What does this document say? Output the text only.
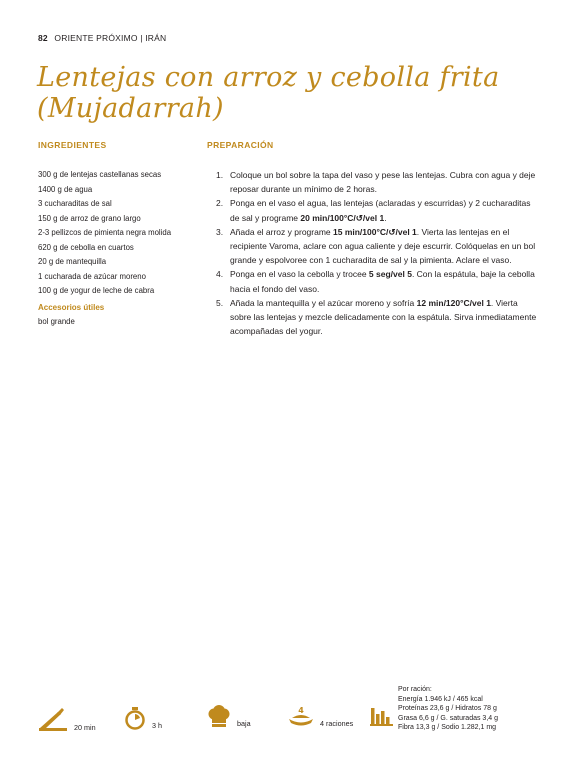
82 ORIENTE PRÓXIMO | IRÁN
Lentejas con arroz y cebolla frita
(Mujadarrah)
INGREDIENTES
300 g de lentejas castellanas secas
1400 g de agua
3 cucharaditas de sal
150 g de arroz de grano largo
2-3 pellizcos de pimienta negra molida
620 g de cebolla en cuartos
20 g de mantequilla
1 cucharada de azúcar moreno
100 g de yogur de leche de cabra
Accesorios útiles
bol grande
PREPARACIÓN
1. Coloque un bol sobre la tapa del vaso y pese las lentejas. Cubra con agua y deje reposar durante un mínimo de 2 horas.
2. Ponga en el vaso el agua, las lentejas (aclaradas y escurridas) y 2 cucharaditas de sal y programe 20 min/100°C/↺/vel 1.
3. Añada el arroz y programe 15 min/100°C/↺/vel 1. Vierta las lentejas en el recipiente Varoma, aclare con agua caliente y deje escurrir. Colóquelas en un bol grande y espolvoree con 1 cucharadita de sal y la pimienta. Aclare el vaso.
4. Ponga en el vaso la cebolla y trocee 5 seg/vel 5. Con la espátula, baje la cebolla hacia el fondo del vaso.
5. Añada la mantequilla y el azúcar moreno y sofría 12 min/120°C/vel 1. Vierta sobre las lentejas y mezcle delicadamente con la espátula. Sirva inmediatamente acompañadas del yogur.
20 min	3 h	baja
4
4 raciones
Por ración:
Energía 1.946 kJ / 465 kcal
Proteínas 23,6 g / Hidratos 78 g
Grasa 6,6 g / G. saturadas 3,4 g
Fibra 13,3 g / Sodio 1.282,1 mg
